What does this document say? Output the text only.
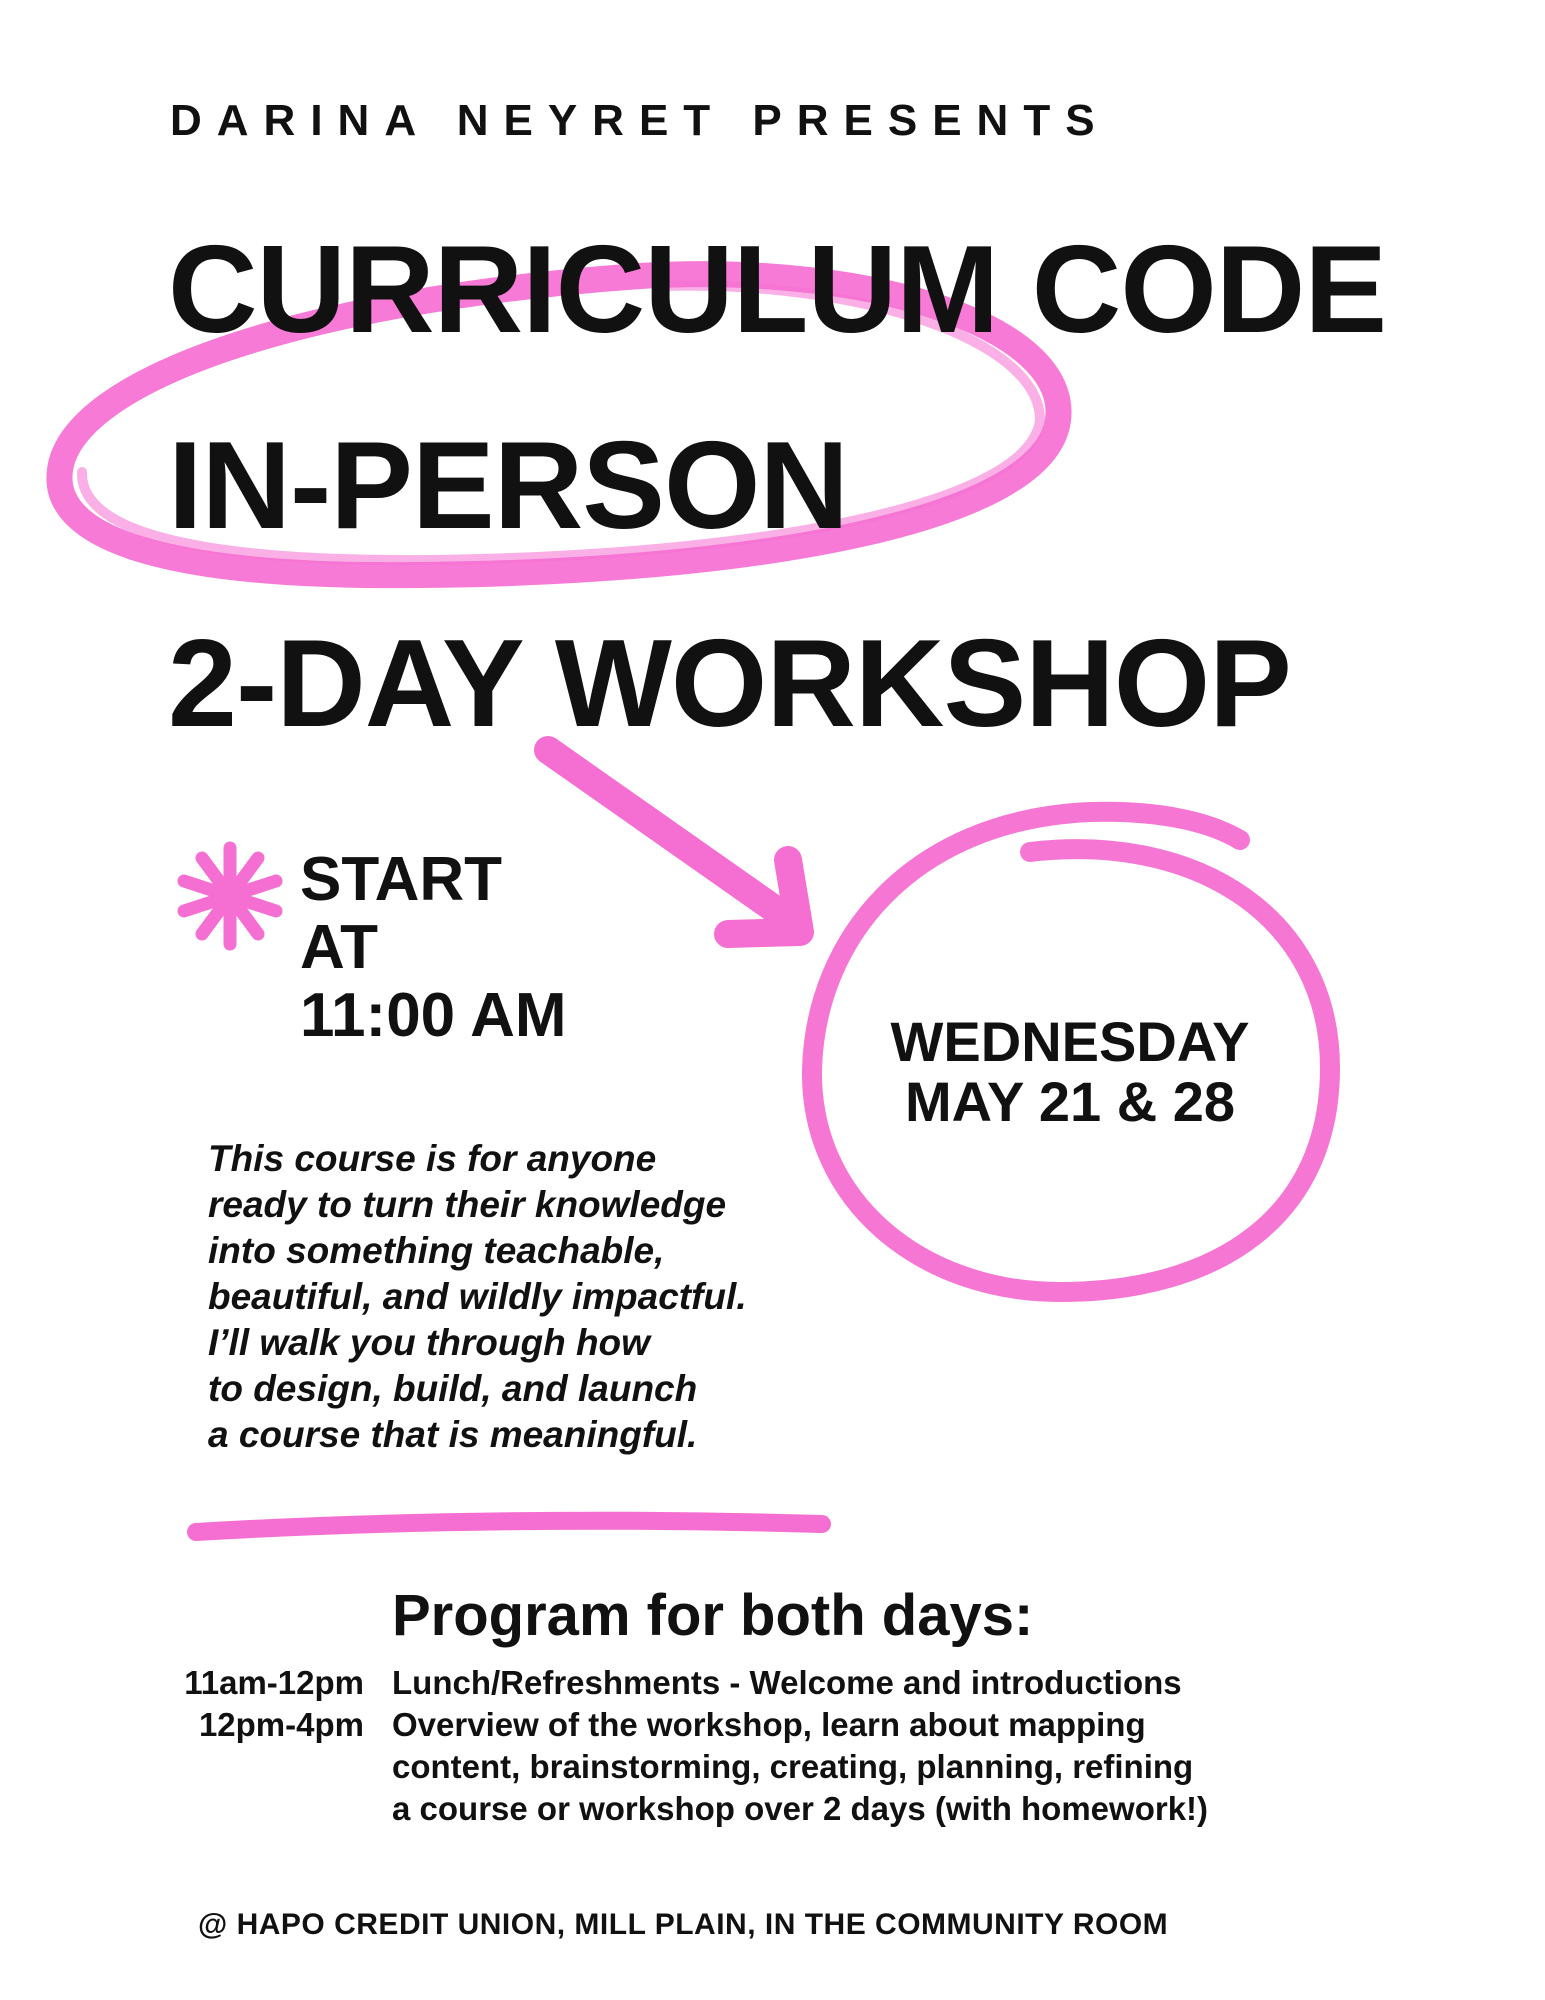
DARINA NEYRET PRESENTS
CURRICULUM CODE
IN-PERSON
2-DAY WORKSHOP
START
AT
11:00 AM	WEDNESDAY
MAY 21 & 28
This course is for anyone
ready to turn their knowledge
into something teachable,
beautiful, and wildly impactful.
I’ll walk you through how
to design, build, and launch
a course that is meaningful.
Program for both days:
11am-12pm Lunch/Refreshments - Welcome and introductions
12pm-4pm Overview of the workshop, learn about mapping
content, brainstorming, creating, planning, refining
a course or workshop over 2 days (with homework!)
@ HAPO CREDIT UNION, MILL PLAIN, IN THE COMMUNITY ROOM
